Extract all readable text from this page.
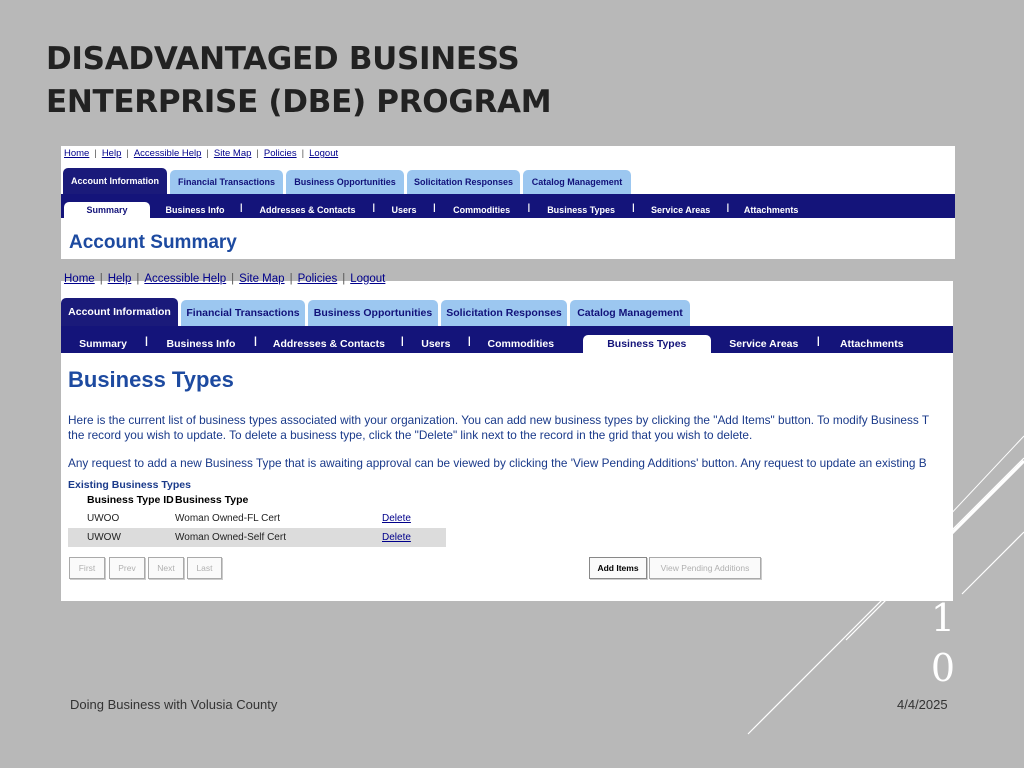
DISADVANTAGED BUSINESS
ENTERPRISE (DBE) PROGRAM
Home | Help | Accessible Help | Site Map | Policies | Logout
Account Information	Financial Transactions	Business Opportunities	Solicitation Responses	Catalog Management
Summary	Business Info	|	Addresses & Contacts	|	Users	|	Commodities	|	Business Types	|	Service Areas	|	Attachments
Account Summary
Home | Help | Accessible Help | Site Map | Policies | Logout
Account Information	Financial Transactions	Business Opportunities	Solicitation Responses	Catalog Management
Summary	|	Business Info	|	Addresses & Contacts	|	Users	|	Commodities	Business Types	Service Areas	|	Attachments
Business Types
Here is the current list of business types associated with your organization. You can add new business types by clicking the "Add Items" button. To modify Business T
the record you wish to update. To delete a business type, click the "Delete" link next to the record in the grid that you wish to delete.
Any request to add a new Business Type that is awaiting approval can be viewed by clicking the 'View Pending Additions' button. Any request to update an existing B
Existing Business Types
Business Type ID	Business Type	
UWOO	Woman Owned-FL Cert	Delete
UWOW	Woman Owned-Self Cert	Delete
First	Prev	Next	Last	Add Items	View Pending Additions
1
0
Doing Business with Volusia County	4/4/2025
